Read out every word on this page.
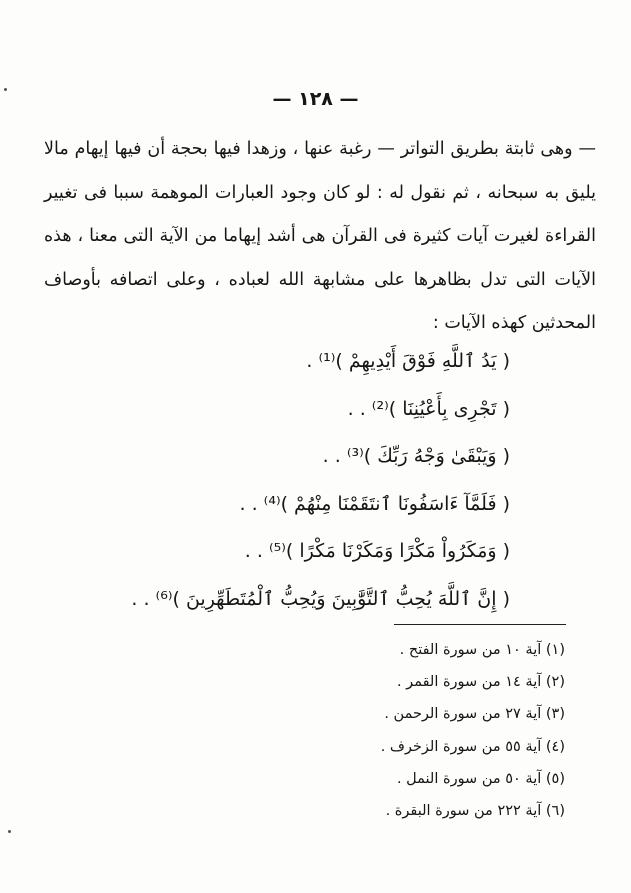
— ١٢٨ —

— وهى ثابتة بطريق التواتر — رغبة عنها ، وزهدا فيها بحجة أن فيها إيهام مالا يليق به سبحانه ، ثم نقول له : لو كان وجود العبارات الموهمة سببا فى تغيير القراءة لغيرت آيات كثيرة فى القرآن هى أشد إيهاما من الآية التى معنا ، هذه الآيات التى تدل بظاهرها على مشابهة الله لعباده ، وعلى اتصافه بأوصاف المحدثين كهذه الآيات :

( يَدُ ٱللَّهِ فَوْقَ أَيْدِيهِمْ )⁽¹⁾ .
( تَجْرِى بِأَعْيُنِنَا )⁽²⁾ . .
( وَيَبْقَىٰ وَجْهُ رَبِّكَ )⁽³⁾ . .
( فَلَمَّآ ءَاسَفُونَا ٱنتَقَمْنَا مِنْهُمْ )⁽⁴⁾ . .
( وَمَكَرُواْ مَكْرًا وَمَكَرْنَا مَكْرًا )⁽⁵⁾ . .
( إِنَّ ٱللَّهَ يُحِبُّ ٱلتَّوَّٰبِينَ وَيُحِبُّ ٱلْمُتَطَهِّرِينَ )⁽⁶⁾ . .
(١) آية ١٠ من سورة الفتح .
(٢) آية ١٤ من سورة القمر .
(٣) آية ٢٧ من سورة الرحمن .
(٤) آية ٥٥ من سورة الزخرف .
(٥) آية ٥٠ من سورة النمل .
(٦) آية ٢٢٢ من سورة البقرة .
